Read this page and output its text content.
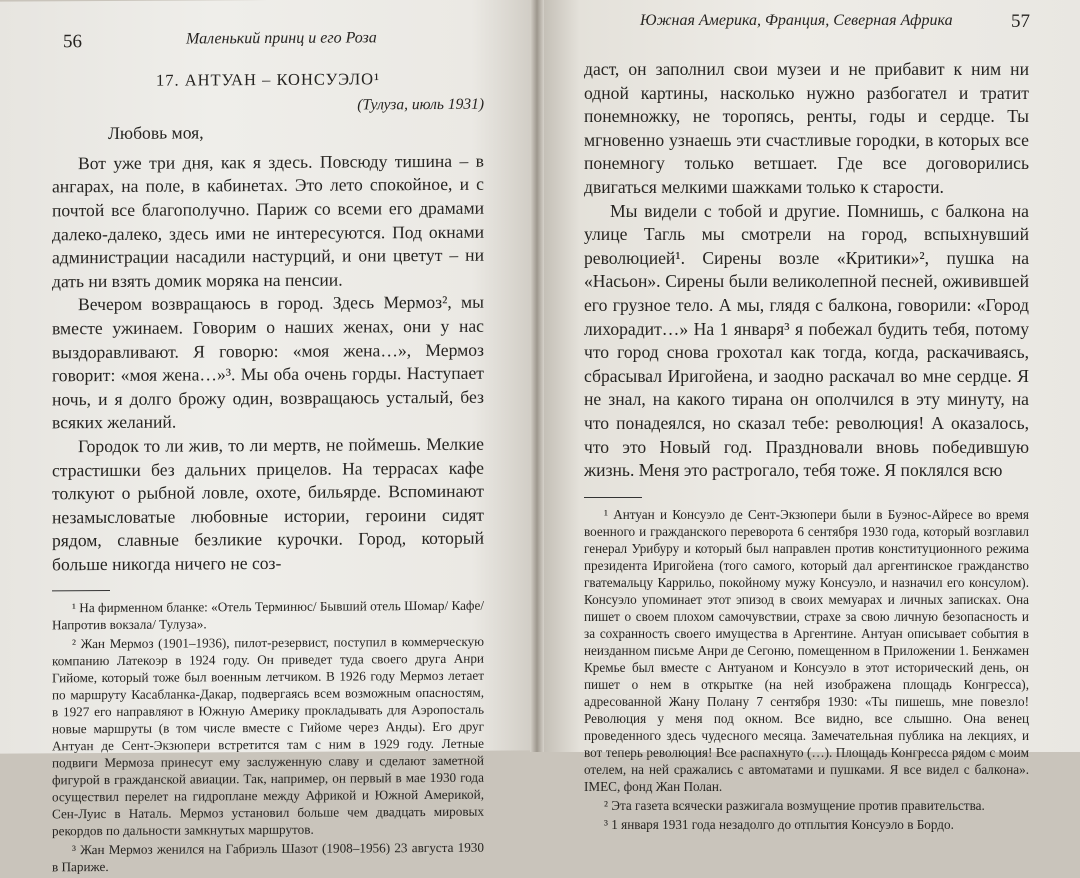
56	Маленький принц и его Роза

17. АНТУАН – КОНСУЭЛО¹

(Тулуза, июль 1931)

Любовь моя,

Вот уже три дня, как я здесь. Повсюду тишина – в ангарах, на поле, в кабинетах. Это лето спокойное, и с почтой все благополучно. Париж со всеми его драмами далеко-далеко, здесь ими не интересуются. Под окнами администрации насадили настурций, и они цветут – ни дать ни взять домик моряка на пенсии.

Вечером возвращаюсь в город. Здесь Мермоз², мы вместе ужинаем. Говорим о наших женах, они у нас выздоравливают. Я говорю: «моя жена…», Мермоз говорит: «моя жена…»³. Мы оба очень горды. Наступает ночь, и я долго брожу один, возвращаюсь усталый, без всяких желаний.

Городок то ли жив, то ли мертв, не поймешь. Мелкие страстишки без дальних прицелов. На террасах кафе толкуют о рыбной ловле, охоте, бильярде. Вспоминают незамысловатые любовные истории, героини сидят рядом, славные безликие курочки. Город, который больше никогда ничего не соз-

¹ На фирменном бланке: «Отель Терминюс/ Бывший отель Шомар/ Кафе/ Напротив вокзала/ Тулуза».

² Жан Мермоз (1901–1936), пилот-резервист, поступил в коммерческую компанию Латекоэр в 1924 году. Он приведет туда своего друга Анри Гийоме, который тоже был военным летчиком. В 1926 году Мермоз летает по маршруту Касабланка-Дакар, подвергаясь всем возможным опасностям, в 1927 его направляют в Южную Америку прокладывать для Аэропосталь новые маршруты (в том числе вместе с Гийоме через Анды). Его друг Антуан де Сент-Экзюпери встретится там с ним в 1929 году. Летные подвиги Мермоза принесут ему заслуженную славу и сделают заметной фигурой в гражданской авиации. Так, например, он первый в мае 1930 года осуществил перелет на гидроплане между Африкой и Южной Америкой, Сен-Луис в Наталь. Мермоз установил больше чем двадцать мировых рекордов по дальности замкнутых маршрутов.

³ Жан Мермоз женился на Габриэль Шазот (1908–1956) 23 августа 1930 в Париже.

Южная Америка, Франция, Северная Африка	57

даст, он заполнил свои музеи и не прибавит к ним ни одной картины, насколько нужно разбогател и тратит понемножку, не торопясь, ренты, годы и сердце. Ты мгновенно узнаешь эти счастливые городки, в которых все понемногу только ветшает. Где все договорились двигаться мелкими шажками только к старости.

Мы видели с тобой и другие. Помнишь, с балкона на улице Тагль мы смотрели на город, вспыхнувший революцией¹. Сирены возле «Критики»², пушка на «Насьон». Сирены были великолепной песней, оживившей его грузное тело. А мы, глядя с балкона, говорили: «Город лихорадит…» На 1 января³ я побежал будить тебя, потому что город снова грохотал как тогда, когда, раскачиваясь, сбрасывал Иригойена, и заодно раскачал во мне сердце. Я не знал, на какого тирана он ополчился в эту минуту, на что понадеялся, но сказал тебе: революция! А оказалось, что это Новый год. Праздновали вновь победившую жизнь. Меня это растрогало, тебя тоже. Я поклялся всю

¹ Антуан и Консуэло де Сент-Экзюпери были в Буэнос-Айресе во время военного и гражданского переворота 6 сентября 1930 года, который возглавил генерал Урибуру и который был направлен против конституционного режима президента Иригойена (того самого, который дал аргентинское гражданство гватемальцу Каррильо, покойному мужу Консуэло, и назначил его консулом). Консуэло упоминает этот эпизод в своих мемуарах и личных записках. Она пишет о своем плохом самочувствии, страхе за свою личную безопасность и за сохранность своего имущества в Аргентине. Антуан описывает события в неизданном письме Анри де Сегоню, помещенном в Приложении 1. Бенжамен Кремье был вместе с Антуаном и Консуэло в этот исторический день, он пишет о нем в открытке (на ней изображена площадь Конгресса), адресованной Жану Полану 7 сентября 1930: «Ты пишешь, мне повезло! Революция у меня под окном. Все видно, все слышно. Она венец проведенного здесь чудесного месяца. Замечательная публика на лекциях, и вот теперь революция! Все распахнуто (…). Площадь Конгресса рядом с моим отелем, на ней сражались с автоматами и пушками. Я все видел с балкона». IMEC, фонд Жан Полан.

² Эта газета всячески разжигала возмущение против правительства.

³ 1 января 1931 года незадолго до отплытия Консуэло в Бордо.
